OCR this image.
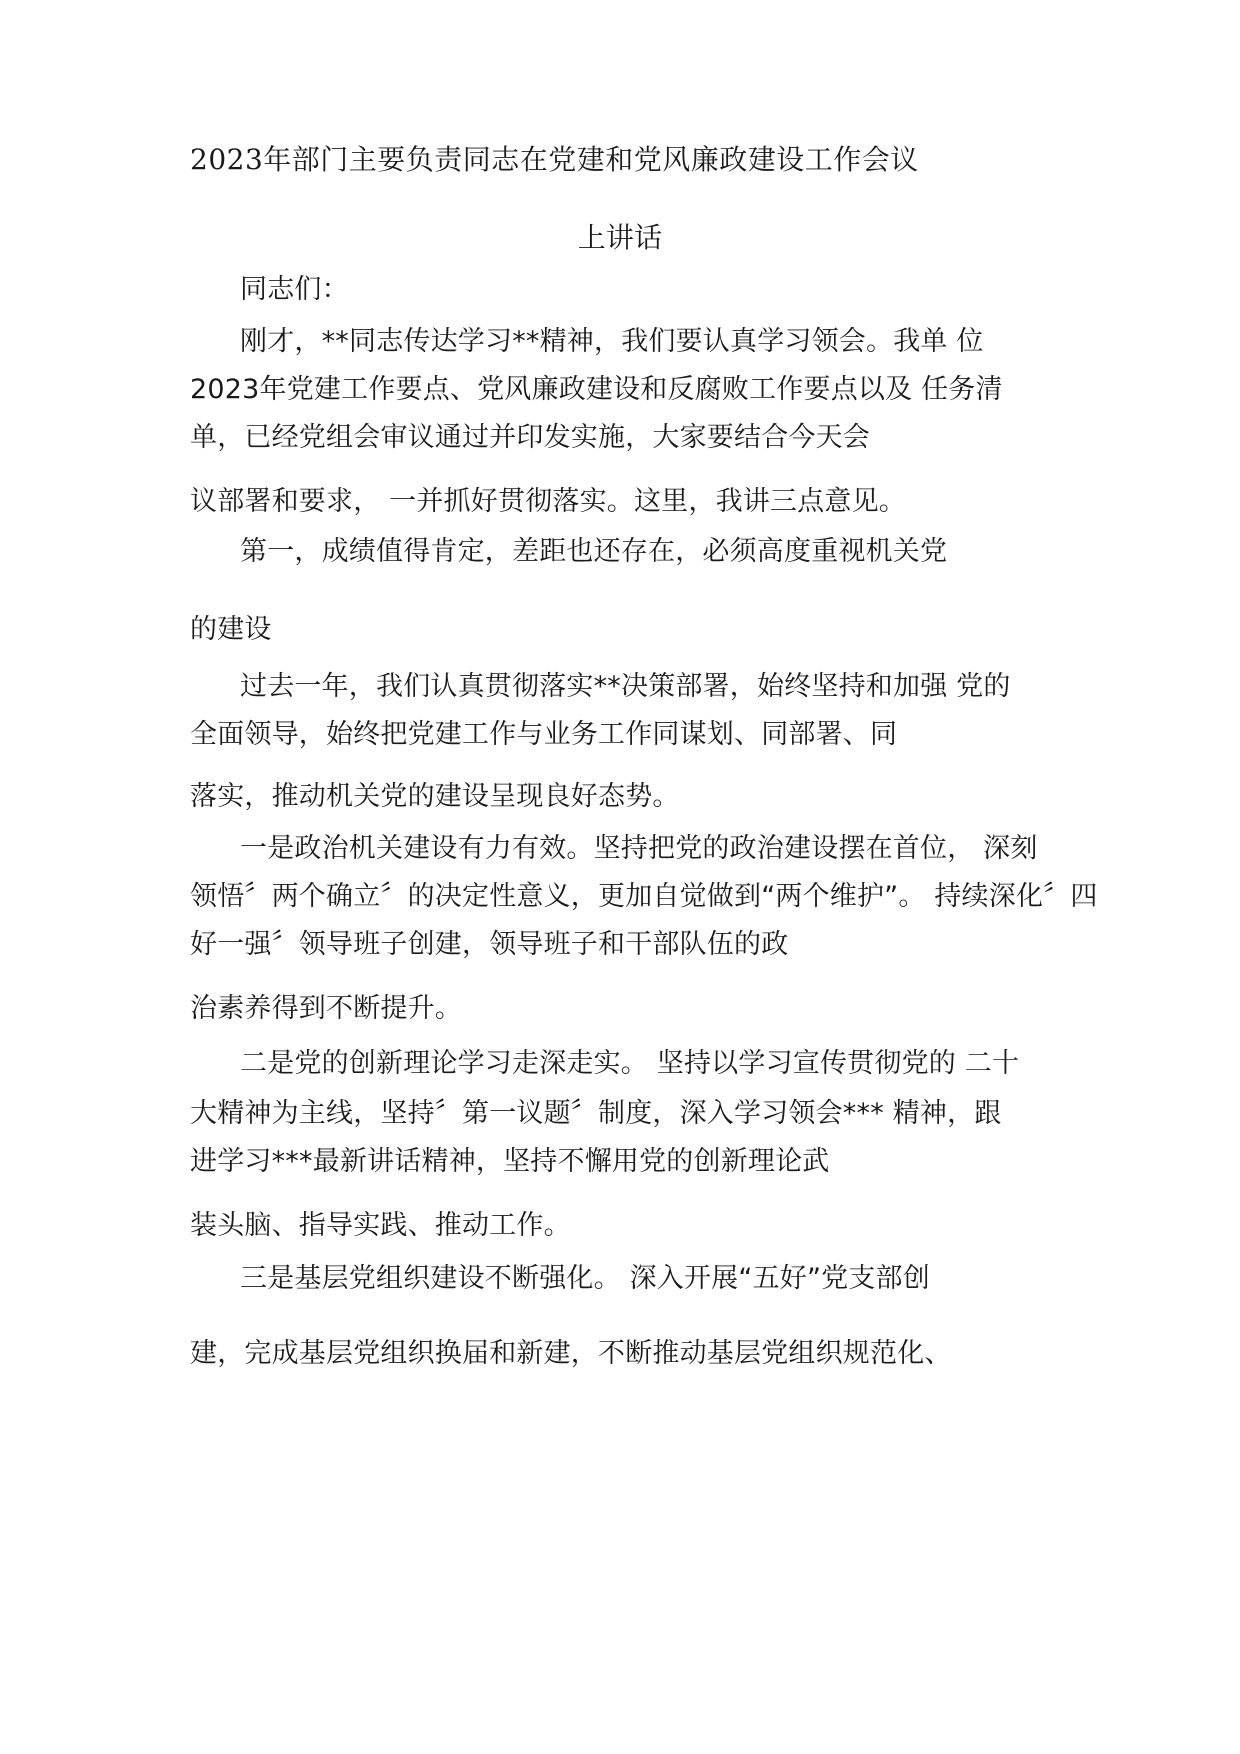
2023年部门主要负责同志在党建和党风廉政建设工作会议
上讲话
同志们：
刚才，**同志传达学习**精神，我们要认真学习领会。我单 位
2023年党建工作要点、党风廉政建设和反腐败工作要点以及 任务清
单，已经党组会审议通过并印发实施，大家要结合今天会
议部署和要求， 一并抓好贯彻落实。这里，我讲三点意见。
第一，成绩值得肯定，差距也还存在，必须高度重视机关党
的建设
过去一年，我们认真贯彻落实**决策部署，始终坚持和加强 党的
全面领导，始终把党建工作与业务工作同谋划、同部署、同
落实，推动机关党的建设呈现良好态势。
一是政治机关建设有力有效。坚持把党的政治建设摆在首位， 深刻
领悟〞两个确立〞的决定性意义，更加自觉做到“两个维护”。 持续深化〞四
好一强〞领导班子创建，领导班子和干部队伍的政
治素养得到不断提升。
二是党的创新理论学习走深走实。 坚持以学习宣传贯彻党的 二十
大精神为主线，坚持〞第一议题〞制度，深入学习领会*** 精神，跟
进学习***最新讲话精神，坚持不懈用党的创新理论武
装头脑、指导实践、推动工作。
三是基层党组织建设不断强化。 深入开展“五好”党支部创
建，完成基层党组织换届和新建，不断推动基层党组织规范化、
